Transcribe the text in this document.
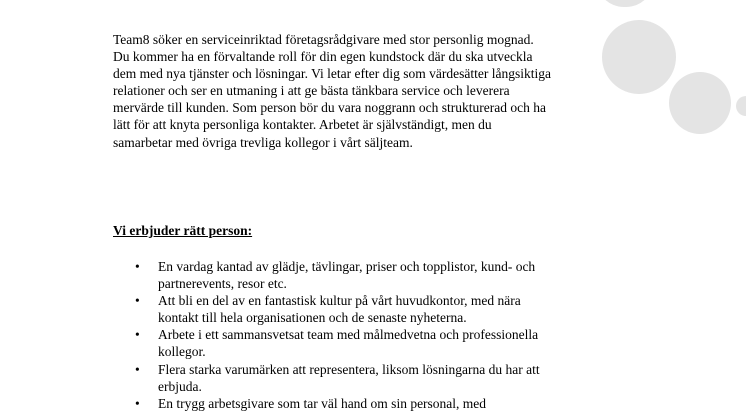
Team8 söker en serviceinriktad företagsrådgivare med stor personlig mognad. Du kommer ha en förvaltande roll för din egen kundstock där du ska utveckla dem med nya tjänster och lösningar. Vi letar efter dig som värdesätter långsiktiga relationer och ser en utmaning i att ge bästa tänkbara service och leverera mervärde till kunden. Som person bör du vara noggrann och strukturerad och ha lätt för att knyta personliga kontakter. Arbetet är självständigt, men du samarbetar med övriga trevliga kollegor i vårt säljteam.

Vi erbjuder rätt person:

• En vardag kantad av glädje, tävlingar, priser och topplistor, kund- och partnerevents, resor etc.
• Att bli en del av en fantastisk kultur på vårt huvudkontor, med nära kontakt till hela organisationen och de senaste nyheterna.
• Arbete i ett sammansvetsat team med målmedvetna och professionella kollegor.
• Flera starka varumärken att representera, liksom lösningarna du har att erbjuda.
• En trygg arbetsgivare som tar väl hand om sin personal, med
